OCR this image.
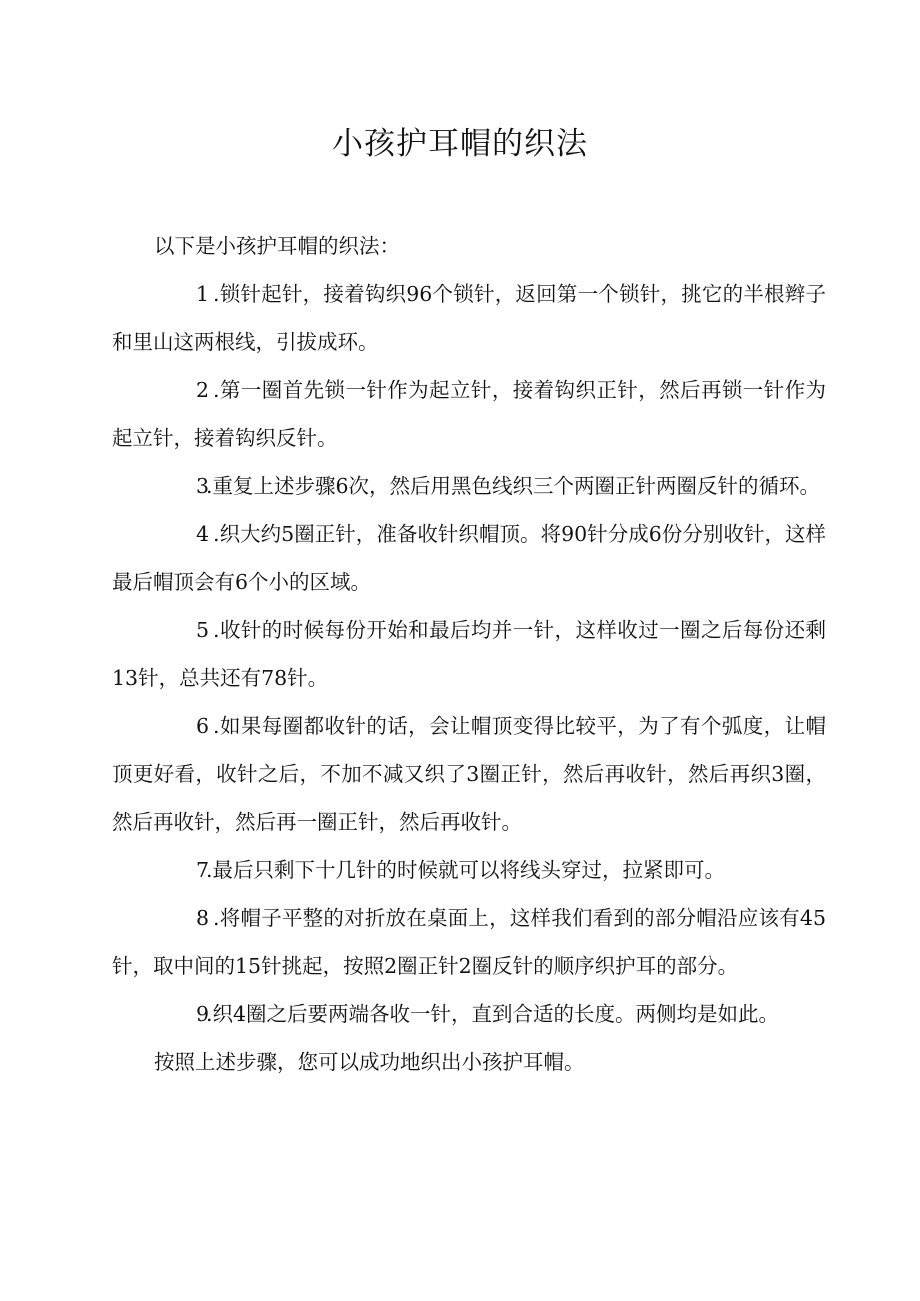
小孩护耳帽的织法

以下是小孩护耳帽的织法：

1 .锁针起针，接着钩织96个锁针，返回第一个锁针，挑它的半根辫子和里山这两根线，引拔成环。

2 .第一圈首先锁一针作为起立针，接着钩织正针，然后再锁一针作为起立针，接着钩织反针。

3.重复上述步骤6次，然后用黑色线织三个两圈正针两圈反针的循环。

4 .织大约5圈正针，准备收针织帽顶。将90针分成6份分别收针，这样最后帽顶会有6个小的区域。

5 .收针的时候每份开始和最后均并一针，这样收过一圈之后每份还剩13针，总共还有78针。

6 .如果每圈都收针的话，会让帽顶变得比较平，为了有个弧度，让帽顶更好看，收针之后，不加不减又织了3圈正针，然后再收针，然后再织3圈，然后再收针，然后再一圈正针，然后再收针。

7.最后只剩下十几针的时候就可以将线头穿过，拉紧即可。

8 .将帽子平整的对折放在桌面上，这样我们看到的部分帽沿应该有45针，取中间的15针挑起，按照2圈正针2圈反针的顺序织护耳的部分。

9.织4圈之后要两端各收一针，直到合适的长度。两侧均是如此。

按照上述步骤，您可以成功地织出小孩护耳帽。
